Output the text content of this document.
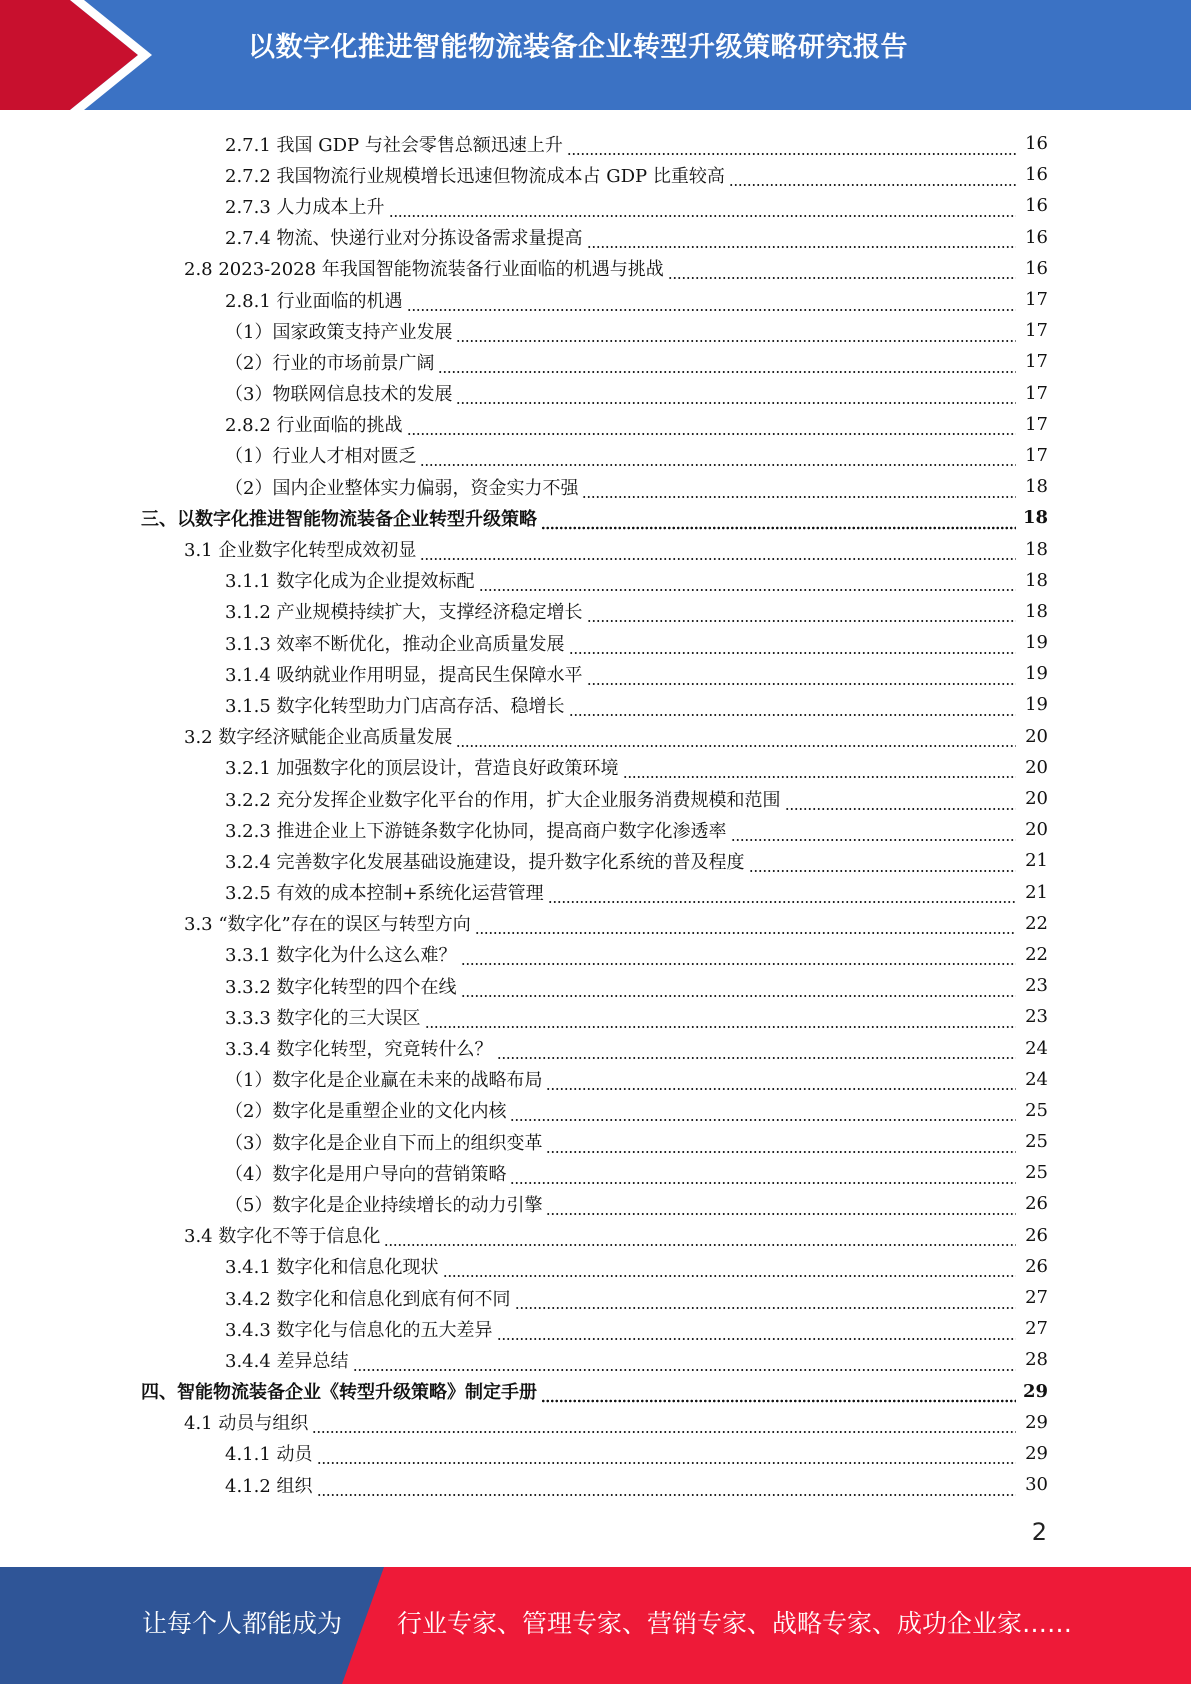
以数字化推进智能物流装备企业转型升级策略研究报告
2.7.1 我国 GDP 与社会零售总额迅速上升	16
2.7.2 我国物流行业规模增长迅速但物流成本占 GDP 比重较高	16
2.7.3 人力成本上升	16
2.7.4 物流、快递行业对分拣设备需求量提高	16
2.8 2023-2028 年我国智能物流装备行业面临的机遇与挑战	16
2.8.1 行业面临的机遇	17
（1）国家政策支持产业发展	17
（2）行业的市场前景广阔	17
（3）物联网信息技术的发展	17
2.8.2 行业面临的挑战	17
（1）行业人才相对匮乏	17
（2）国内企业整体实力偏弱，资金实力不强	18
三、以数字化推进智能物流装备企业转型升级策略	18
3.1 企业数字化转型成效初显	18
3.1.1 数字化成为企业提效标配	18
3.1.2 产业规模持续扩大，支撑经济稳定增长	18
3.1.3 效率不断优化，推动企业高质量发展	19
3.1.4 吸纳就业作用明显，提高民生保障水平	19
3.1.5 数字化转型助力门店高存活、稳增长	19
3.2 数字经济赋能企业高质量发展	20
3.2.1 加强数字化的顶层设计，营造良好政策环境	20
3.2.2 充分发挥企业数字化平台的作用，扩大企业服务消费规模和范围	20
3.2.3 推进企业上下游链条数字化协同，提高商户数字化渗透率	20
3.2.4 完善数字化发展基础设施建设，提升数字化系统的普及程度	21
3.2.5 有效的成本控制+系统化运营管理	21
3.3 “数字化”存在的误区与转型方向	22
3.3.1 数字化为什么这么难？	22
3.3.2 数字化转型的四个在线	23
3.3.3 数字化的三大误区	23
3.3.4 数字化转型，究竟转什么？	24
（1）数字化是企业赢在未来的战略布局	24
（2）数字化是重塑企业的文化内核	25
（3）数字化是企业自下而上的组织变革	25
（4）数字化是用户导向的营销策略	25
（5）数字化是企业持续增长的动力引擎	26
3.4 数字化不等于信息化	26
3.4.1 数字化和信息化现状	26
3.4.2 数字化和信息化到底有何不同	27
3.4.3 数字化与信息化的五大差异	27
3.4.4 差异总结	28
四、智能物流装备企业《转型升级策略》制定手册	29
4.1 动员与组织	29
4.1.1 动员	29
4.1.2 组织	30
2
让每个人都能成为 行业专家、管理专家、营销专家、战略专家、成功企业家……
